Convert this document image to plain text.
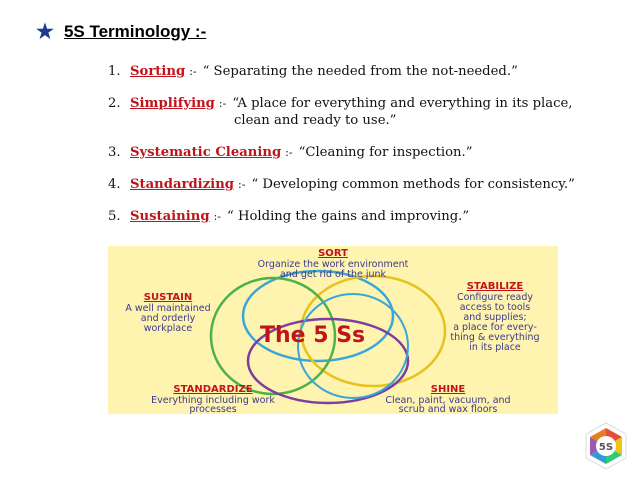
★ 5S Terminology :-
1. Sorting :- “ Separating the needed from the not-needed.”
2. Simplifying :- “A place for everything and everything in its place,
clean and ready to use.”
3. Systematic Cleaning :- “Cleaning for inspection.”
4. Standardizing :- “ Developing common methods for consistency.”
5. Sustaining :- “ Holding the gains and improving.”
The 5 Ss
SORT
Organize the work environment
and get rid of the junk
STABILIZE
Configure ready
access to tools
and supplies;
a place for every-
thing & everything
in its place
SUSTAIN
A well maintained
and orderly
workplace
STANDARDIZE
Everything including work
processes
SHINE
Clean, paint, vacuum, and
scrub and wax floors
5S
